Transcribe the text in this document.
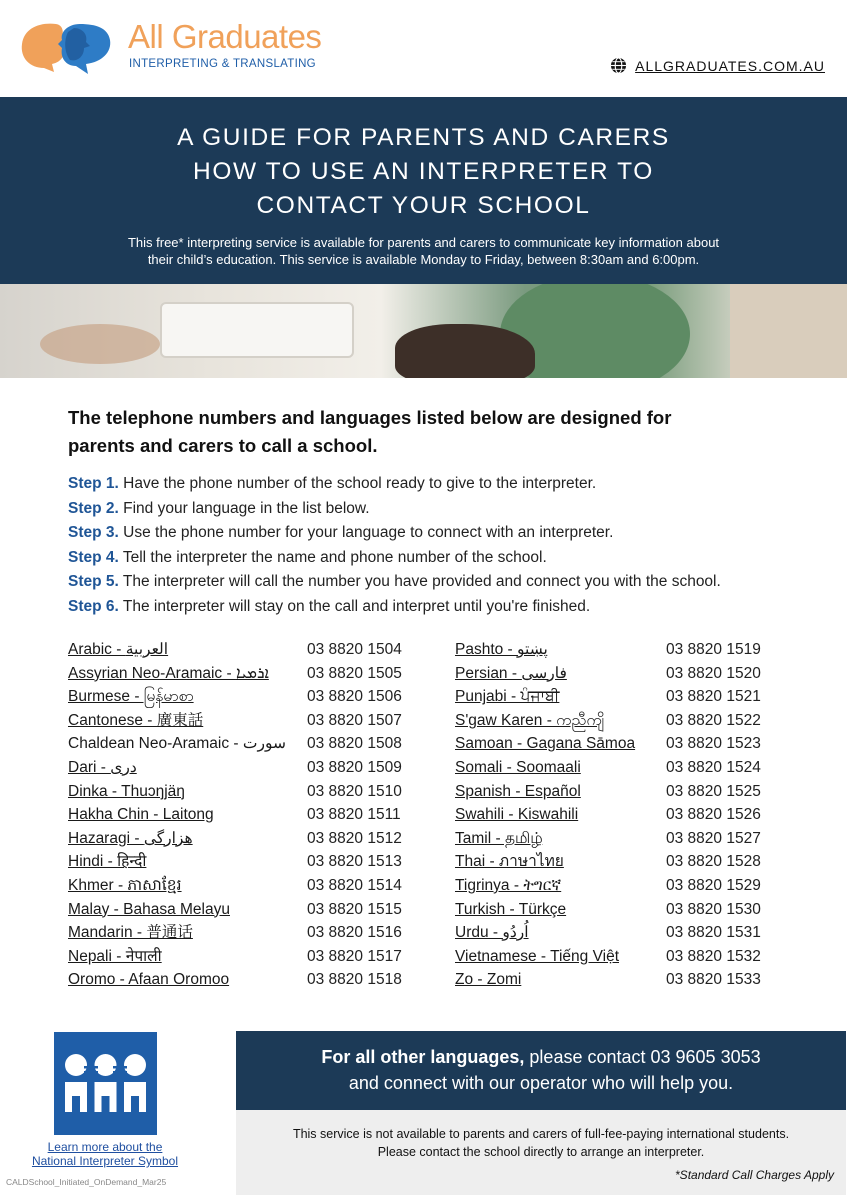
All Graduates
INTERPRETING & TRANSLATING	ALLGRADUATES.COM.AU
A GUIDE FOR PARENTS AND CARERS
HOW TO USE AN INTERPRETER TO
CONTACT YOUR SCHOOL

This free* interpreting service is available for parents and carers to communicate key information about
their child’s education. This service is available Monday to Friday, between 8:30am and 6:00pm.

The telephone numbers and languages listed below are designed for
parents and carers to call a school.
Step 1. Have the phone number of the school ready to give to the interpreter.
Step 2. Find your language in the list below.
Step 3. Use the phone number for your language to connect with an interpreter.
Step 4. Tell the interpreter the name and phone number of the school.
Step 5. The interpreter will call the number you have provided and connect you with the school.
Step 6. The interpreter will stay on the call and interpret until you're finished.
Arabic - العربية	03 8820 1504
Assyrian Neo-Aramaic - ܐܪܡܝܐ 03 8820 1505
Burmese - မြန်မာစာ	03 8820 1506
Cantonese - 廣東話	03 8820 1507
Chaldean Neo-Aramaic - سورت 03 8820 1508
Dari - دری	03 8820 1509
Dinka - Thuɔŋjäŋ	03 8820 1510
Hakha Chin - Laitong	03 8820 1511
Hazaragi - هزارگی	03 8820 1512
Hindi - हिन्दी	03 8820 1513
Khmer - ភាសាខ្មែរ	03 8820 1514
Malay - Bahasa Melayu	03 8820 1515
Mandarin - 普通话	03 8820 1516
Nepali - नेपाली	03 8820 1517
Oromo - Afaan Oromoo	03 8820 1518
Pashto - پښتو	03 8820 1519
Persian - فارسی	03 8820 1520
Punjabi - ਪੰਜਾਬੀ	03 8820 1521
S'gaw Karen - ကညီကျိ	03 8820 1522
Samoan - Gagana Sāmoa 03 8820 1523
Somali - Soomaali	03 8820 1524
Spanish - Español	03 8820 1525
Swahili - Kiswahili	03 8820 1526
Tamil - தமிழ்	03 8820 1527
Thai - ภาษาไทย	03 8820 1528
Tigrinya - ትግርኛ	03 8820 1529
Turkish - Türkçe	03 8820 1530
Urdu - اُردُو	03 8820 1531
Vietnamese - Tiếng Việt	03 8820 1532
Zo - Zomi	03 8820 1533
Learn more about the
National Interpreter Symbol
CALDSchool_Initiated_OnDemand_Mar25
For all other languages, please contact 03 9605 3053
and connect with our operator who will help you.

This service is not available to parents and carers of full-fee-paying international students.
Please contact the school directly to arrange an interpreter.

*Standard Call Charges Apply
